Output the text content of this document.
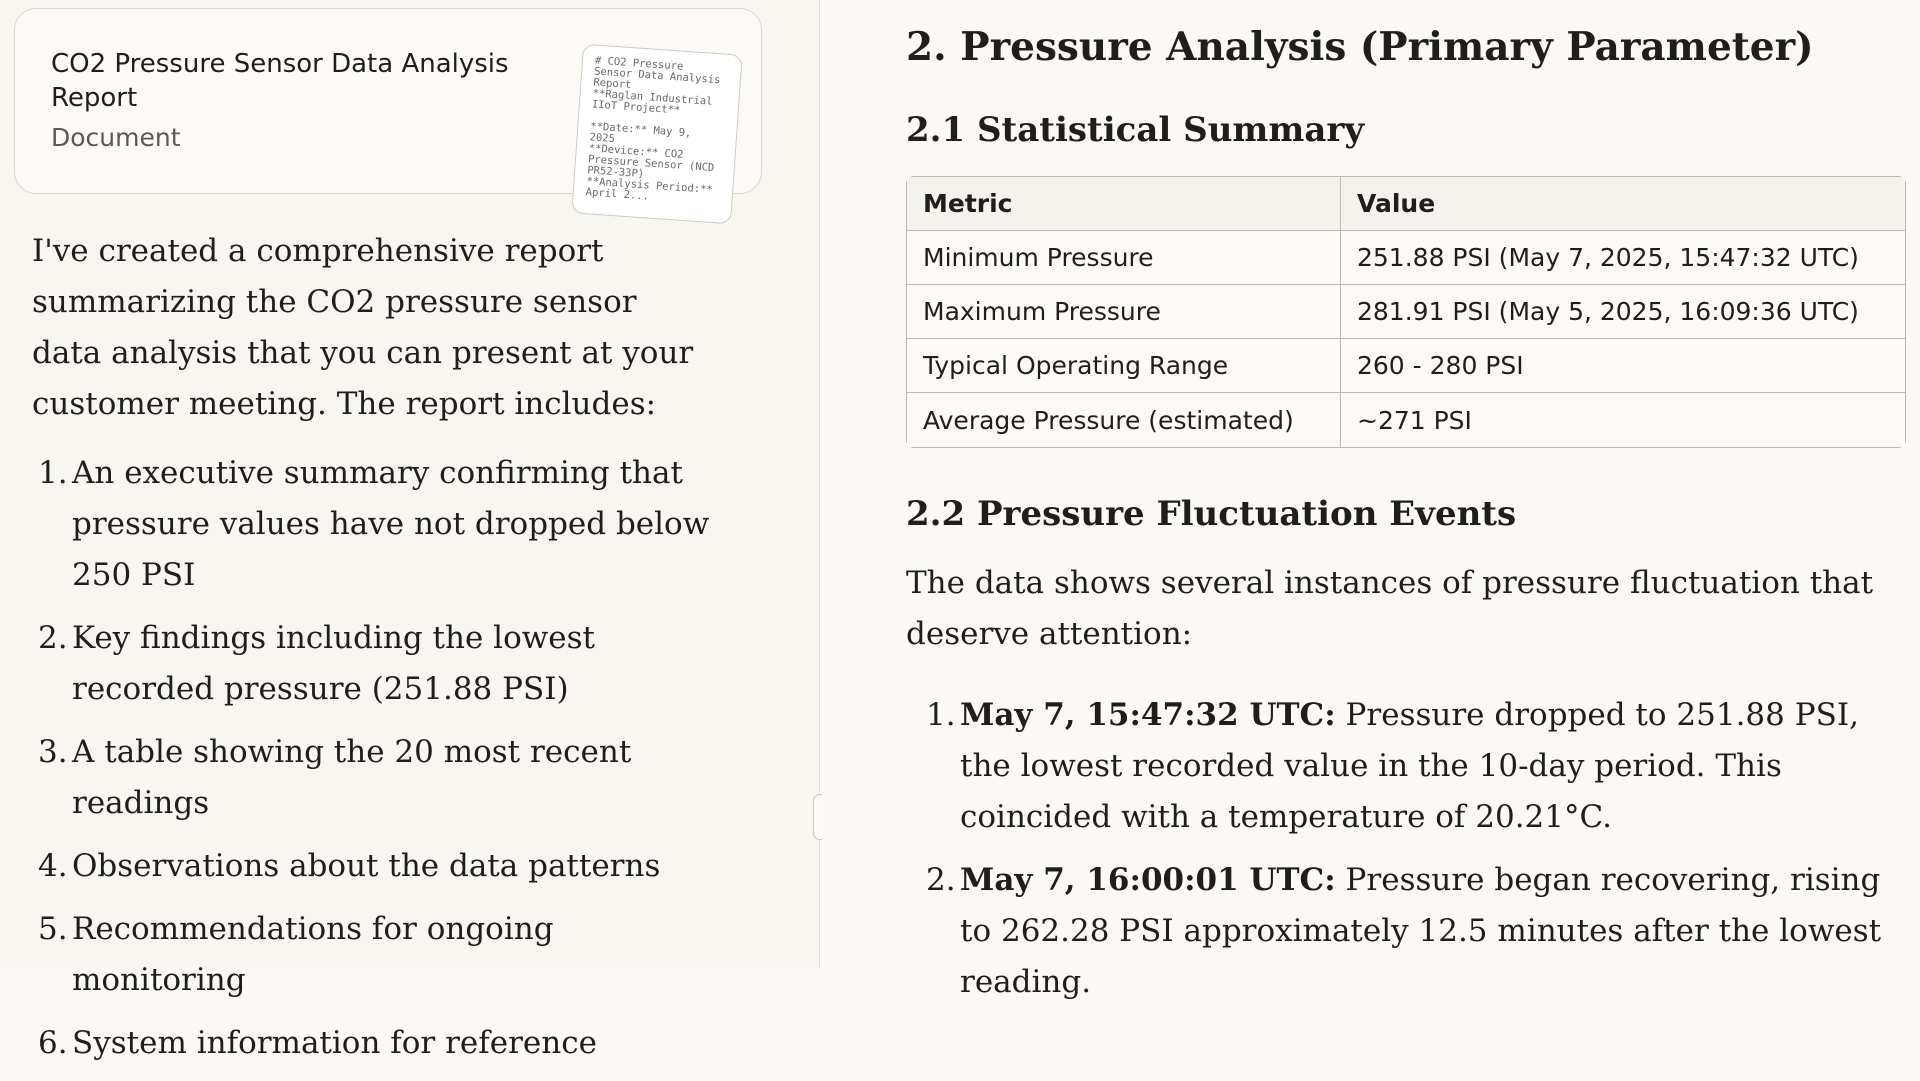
CO2 Pressure Sensor Data Analysis Report
Document
# CO2 Pressure
Sensor Data Analysis
Report
**Raglan Industrial
IIoT Project**

**Date:** May 9,
2025
**Device:** CO2
Pressure Sensor (NCD
PR52-33P)
**Analysis Period:**
April 2...

I've created a comprehensive report summarizing the CO2 pressure sensor data analysis that you can present at your customer meeting. The report includes:

1. An executive summary confirming that pressure values have not dropped below 250 PSI
2. Key findings including the lowest recorded pressure (251.88 PSI)
3. A table showing the 20 most recent readings
4. Observations about the data patterns
5. Recommendations for ongoing monitoring
6. System information for reference
2. Pressure Analysis (Primary Parameter)
2.1 Statistical Summary
Metric	Value
Minimum Pressure	251.88 PSI (May 7, 2025, 15:47:32 UTC)
Maximum Pressure	281.91 PSI (May 5, 2025, 16:09:36 UTC)
Typical Operating Range	260 - 280 PSI
Average Pressure (estimated)	~271 PSI
2.2 Pressure Fluctuation Events

The data shows several instances of pressure fluctuation that deserve attention:

1. May 7, 15:47:32 UTC: Pressure dropped to 251.88 PSI, the lowest recorded value in the 10-day period. This coincided with a temperature of 20.21°C.
2. May 7, 16:00:01 UTC: Pressure began recovering, rising to 262.28 PSI approximately 12.5 minutes after the lowest reading.
